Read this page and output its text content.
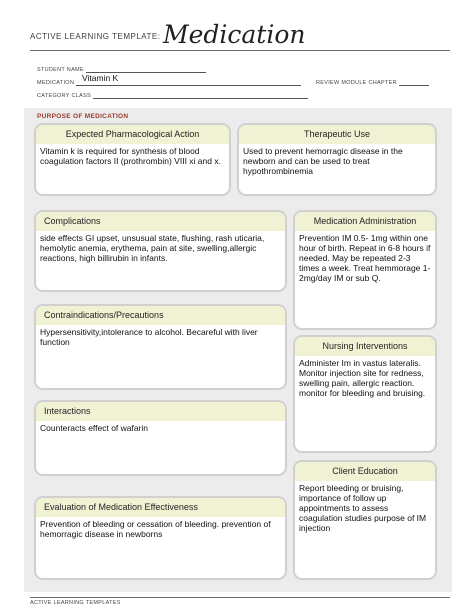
ACTIVE LEARNING TEMPLATE: Medication
STUDENT NAME
MEDICATION Vitamin K	REVIEW MODULE CHAPTER
CATEGORY CLASS
PURPOSE OF MEDICATION
Expected Pharmacological Action
Vitamin k is required for synthesis of blood coagulation factors II (prothrombin) VIII xi and x.
Therapeutic Use
Used to prevent hemorragic disease in the newborn and can be used to treat hypothrombinemia
Complications
side effects GI upset, unsusual state, flushing, rash uticaria, hemolytic anemia, erythema, pain at site, swelling,allergic reactions, high billirubin in infants.
Medication Administration
Prevention IM 0.5- 1mg within one hour of birth. Repeat in 6-8 hours if needed. May be repeated 2-3 times a week. Treat hemmorage 1-2mg/day IM or sub Q.
Contraindications/Precautions
Hypersensitivity,intolerance to alcohol. Becareful with liver function	Nursing Interventions
Administer Im in vastus lateralis. Monitor injection site for redness, swelling pain, allergic reaction. monitor for bleeding and bruising.
Interactions
Counteracts effect of wafarin
Client Education
Report bleeding or bruising, importance of follow up appointments to assess coagulation studies purpose of IM injection
Evaluation of Medication Effectiveness
Prevention of bleeding or cessation of bleeding. prevention of hemorragic disease in newborns
ACTIVE LEARNING TEMPLATES
